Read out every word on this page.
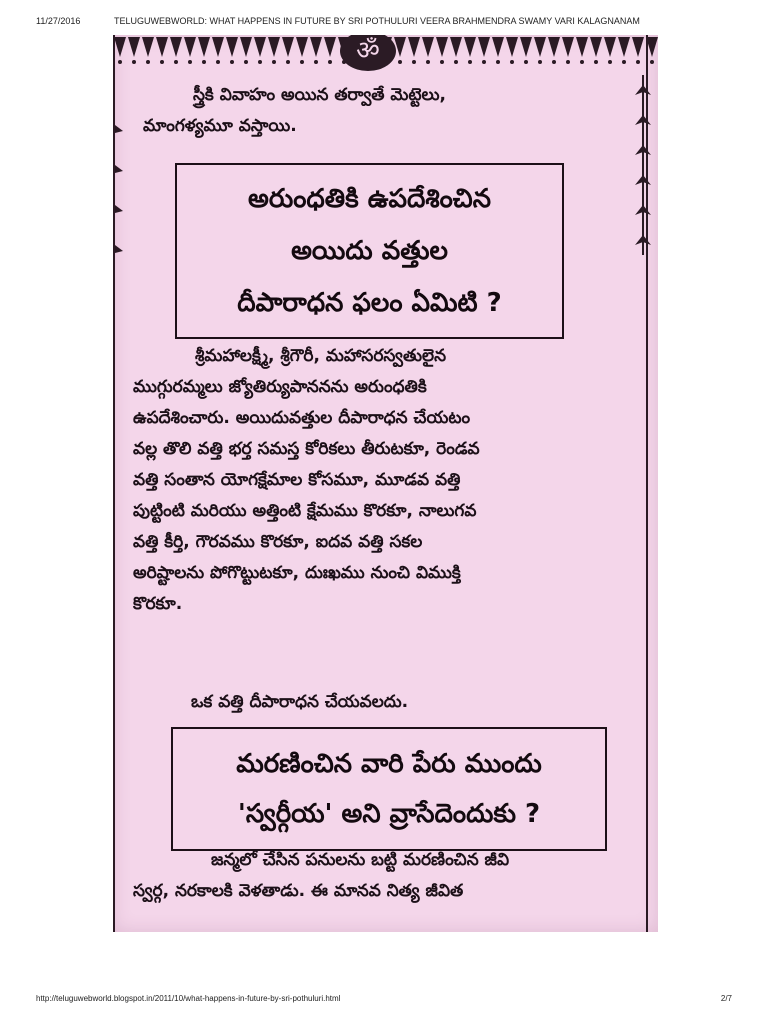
11/27/2016	TELUGUWEBWORLD: WHAT HAPPENS IN FUTURE BY SRI POTHULURI VEERA BRAHMENDRA SWAMY VARI KALAGNANAM
ॐ
స్త్రీకి వివాహం అయిన తర్వాతే మెట్టెలు,
మాంగళ్యమూ వస్తాయి.
అరుంధతికి ఉపదేశించిన
అయిదు వత్తుల
దీపారాధన ఫలం ఏమిటి ?
శ్రీమహాలక్ష్మీ, శ్రీగౌరీ, మహాసరస్వతులైన
ముగ్గురమ్మలు జ్యోతిర్యుపాననను అరుంధతికి
ఉపదేశించారు. అయిదువత్తుల దీపారాధన చేయటం
వల్ల తొలి వత్తి భర్త సమస్త కోరికలు తీరుటకూ, రెండవ
వత్తి సంతాన యోగక్షేమాల కోసమూ, మూడవ వత్తి
పుట్టింటి మరియు అత్తింటి క్షేమము కొరకూ, నాలుగవ
వత్తి కీర్తి, గౌరవము కొరకూ, ఐదవ వత్తి సకల
అరిష్టాలను పోగొట్టుటకూ, దుఃఖము నుంచి విముక్తి
కొరకూ.
ఒక వత్తి దీపారాధన చేయవలదు.
మరణించిన వారి పేరు ముందు
'స్వర్గీయ' అని వ్రాసేదెందుకు ?
జన్మలో చేసిన పనులను బట్టి మరణించిన జీవి
స్వర్గ, నరకాలకి వెళతాడు. ఈ మానవ నిత్య జీవిత
http://teluguwebworld.blogspot.in/2011/10/what-happens-in-future-by-sri-pothuluri.html	2/7
